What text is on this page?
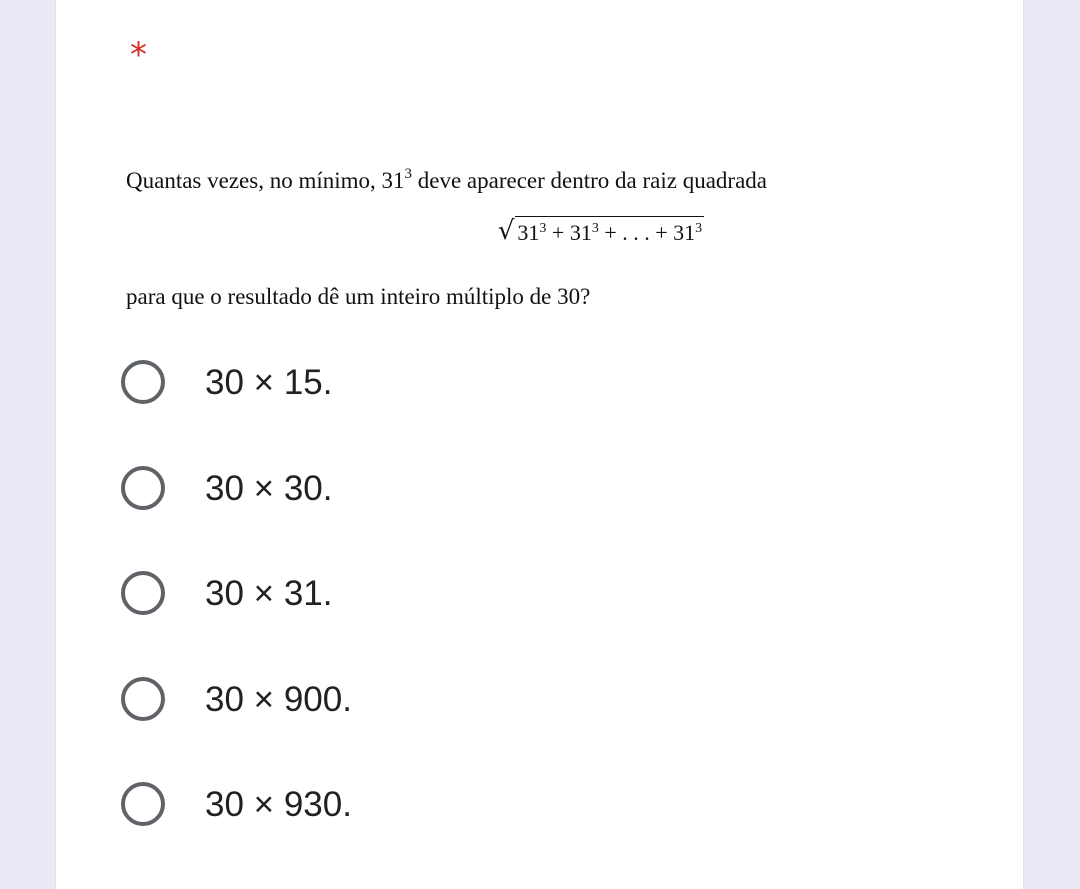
*
Quantas vezes, no mínimo, $31^3$ deve aparecer dentro da raiz quadrada
√ $31^3 + 31^3$ + . . . + $31^3$
para que o resultado dê um inteiro múltiplo de 30?
30 × 15.
30 × 30.
30 × 31.
30 × 900.
30 × 930.
